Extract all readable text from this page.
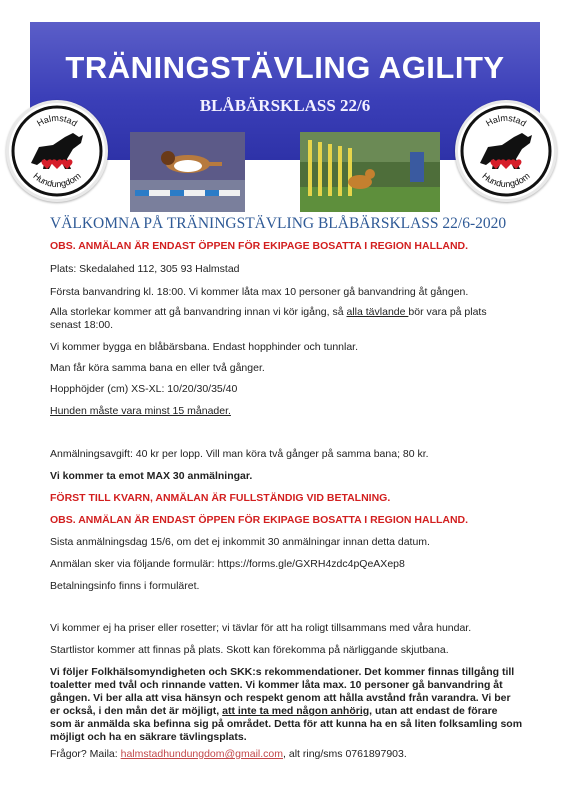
TRÄNINGSTÄVLING AGILITY
BLÅBÄRSKLASS 22/6
Halmstad
Hundungdom
Halmstad
Hundungdom
VÄLKOMNA PÅ TRÄNINGSTÄVLING BLÅBÄRSKLASS 22/6-2020
OBS. ANMÄLAN ÄR ENDAST ÖPPEN FÖR EKIPAGE BOSATTA I REGION HALLAND.
Plats: Skedalahed 112, 305 93 Halmstad
Första banvandring kl. 18:00. Vi kommer låta max 10 personer gå banvandring åt gången.
Alla storlekar kommer att gå banvandring innan vi kör igång, så alla tävlande bör vara på plats senast 18:00.
Vi kommer bygga en blåbärsbana. Endast hopphinder och tunnlar.
Man får köra samma bana en eller två gånger.
Hopphöjder (cm) XS-XL: 10/20/30/35/40
Hunden måste vara minst 15 månader.
Anmälningsavgift: 40 kr per lopp. Vill man köra två gånger på samma bana; 80 kr.
Vi kommer ta emot MAX 30 anmälningar.
FÖRST TILL KVARN, ANMÄLAN ÄR FULLSTÄNDIG VID BETALNING.
OBS. ANMÄLAN ÄR ENDAST ÖPPEN FÖR EKIPAGE BOSATTA I REGION HALLAND.
Sista anmälningsdag 15/6, om det ej inkommit 30 anmälningar innan detta datum.
Anmälan sker via följande formulär: https://forms.gle/GXRH4zdc4pQeAXep8
Betalningsinfo finns i formuläret.
Vi kommer ej ha priser eller rosetter; vi tävlar för att ha roligt tillsammans med våra hundar.
Startlistor kommer att finnas på plats. Skott kan förekomma på närliggande skjutbana.
Vi följer Folkhälsomyndigheten och SKK:s rekommendationer. Det kommer finnas tillgång till
toaletter med tvål och rinnande vatten. Vi kommer låta max. 10 personer gå banvandring åt
gången. Vi ber alla att visa hänsyn och respekt genom att hålla avstånd från varandra. Vi ber
er också, i den mån det är möjligt, att inte ta med någon anhörig, utan att endast de förare
som är anmälda ska befinna sig på området. Detta för att kunna ha en så liten folksamling som
möjligt och ha en säkrare tävlingsplats.
Frågor? Maila: halmstadhundungdom@gmail.com, alt ring/sms 0761897903.
